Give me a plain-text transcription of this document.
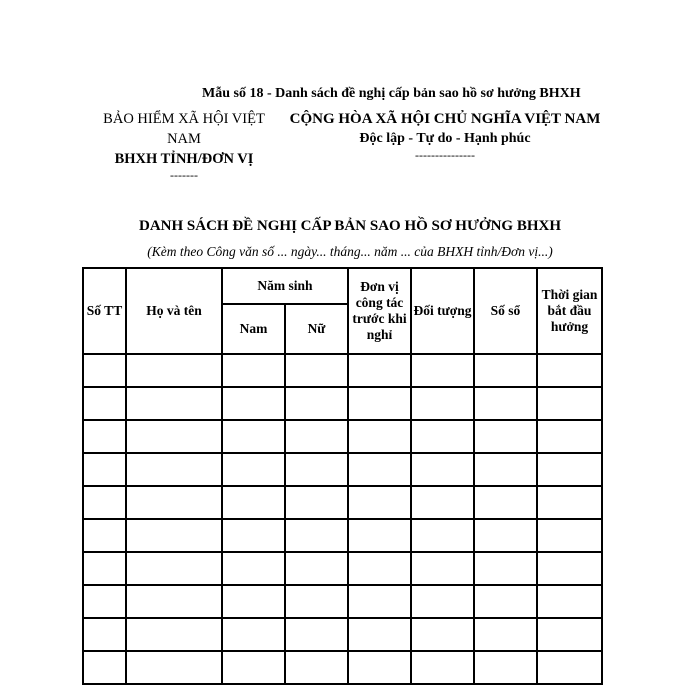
Mẫu số 18 - Danh sách đề nghị cấp bản sao hồ sơ hưởng BHXH
BẢO HIỂM XÃ HỘI VIỆT NAM
BHXH TỈNH/ĐƠN VỊ
-------
CỘNG HÒA XÃ HỘI CHỦ NGHĨA VIỆT NAM
Độc lập - Tự do - Hạnh phúc
---------------
DANH SÁCH ĐỀ NGHỊ CẤP BẢN SAO HỒ SƠ HƯỞNG BHXH
(Kèm theo Công văn số ... ngày... tháng... năm ... của BHXH tỉnh/Đơn vị...)
Số TT	Họ và tên	Năm sinh		Đơn vị công tác trước khi nghỉ	Đối tượng	Số sổ	Thời gian bắt đầu hưởng
		Nam	Nữ				
